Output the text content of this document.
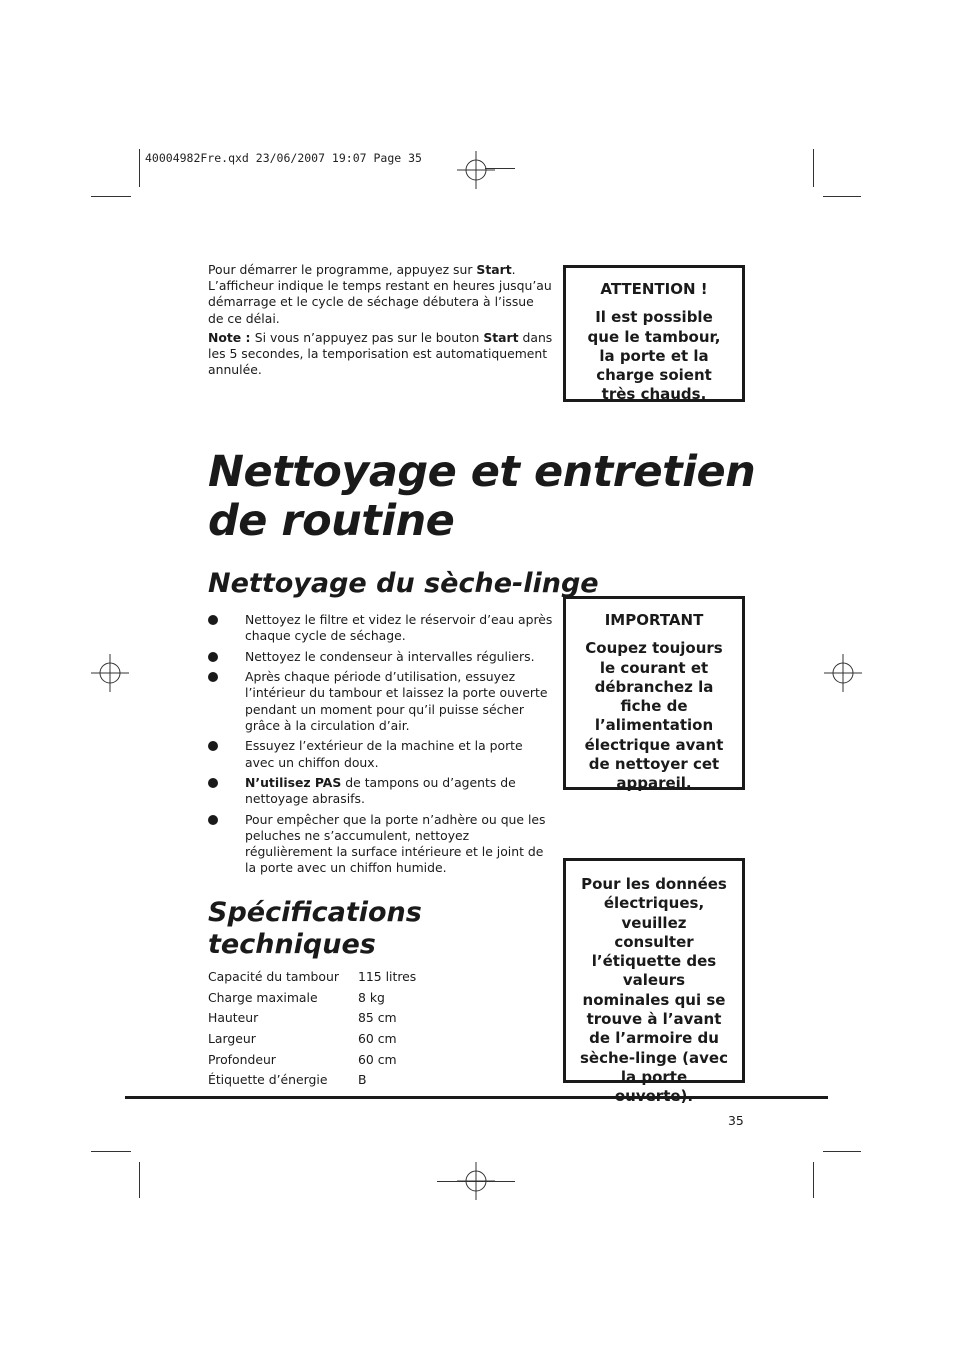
40004982Fre.qxd 23/06/2007 19:07 Page 35

Pour démarrer le programme, appuyez sur Start. L’afficheur indique le temps restant en heures jusqu’au démarrage et le cycle de séchage débutera à l’issue de ce délai.

Note : Si vous n’appuyez pas sur le bouton Start dans les 5 secondes, la temporisation est automatiquement annulée.

ATTENTION !
Il est possible que le tambour, la porte et la charge soient très chauds.
Nettoyage et entretien de routine
Nettoyage du sèche-linge
Nettoyez le filtre et videz le réservoir d’eau après chaque cycle de séchage.
Nettoyez le condenseur à intervalles réguliers.
Après chaque période d’utilisation, essuyez l’intérieur du tambour et laissez la porte ouverte pendant un moment pour qu’il puisse sécher grâce à la circulation d’air.
Essuyez l’extérieur de la machine et la porte avec un chiffon doux.
N’utilisez PAS de tampons ou d’agents de nettoyage abrasifs.
Pour empêcher que la porte n’adhère ou que les peluches ne s’accumulent, nettoyez régulièrement la surface intérieure et le joint de la porte avec un chiffon humide.
IMPORTANT
Coupez toujours le courant et débranchez la fiche de l’alimentation électrique avant de nettoyer cet appareil.
Spécifications techniques
Capacité du tambour	115 litres
Charge maximale	8 kg
Hauteur	85 cm
Largeur	60 cm
Profondeur	60 cm
Étiquette d’énergie	B
Pour les données électriques, veuillez consulter l’étiquette des valeurs nominales qui se trouve à l’avant de l’armoire du sèche-linge (avec la porte
35
